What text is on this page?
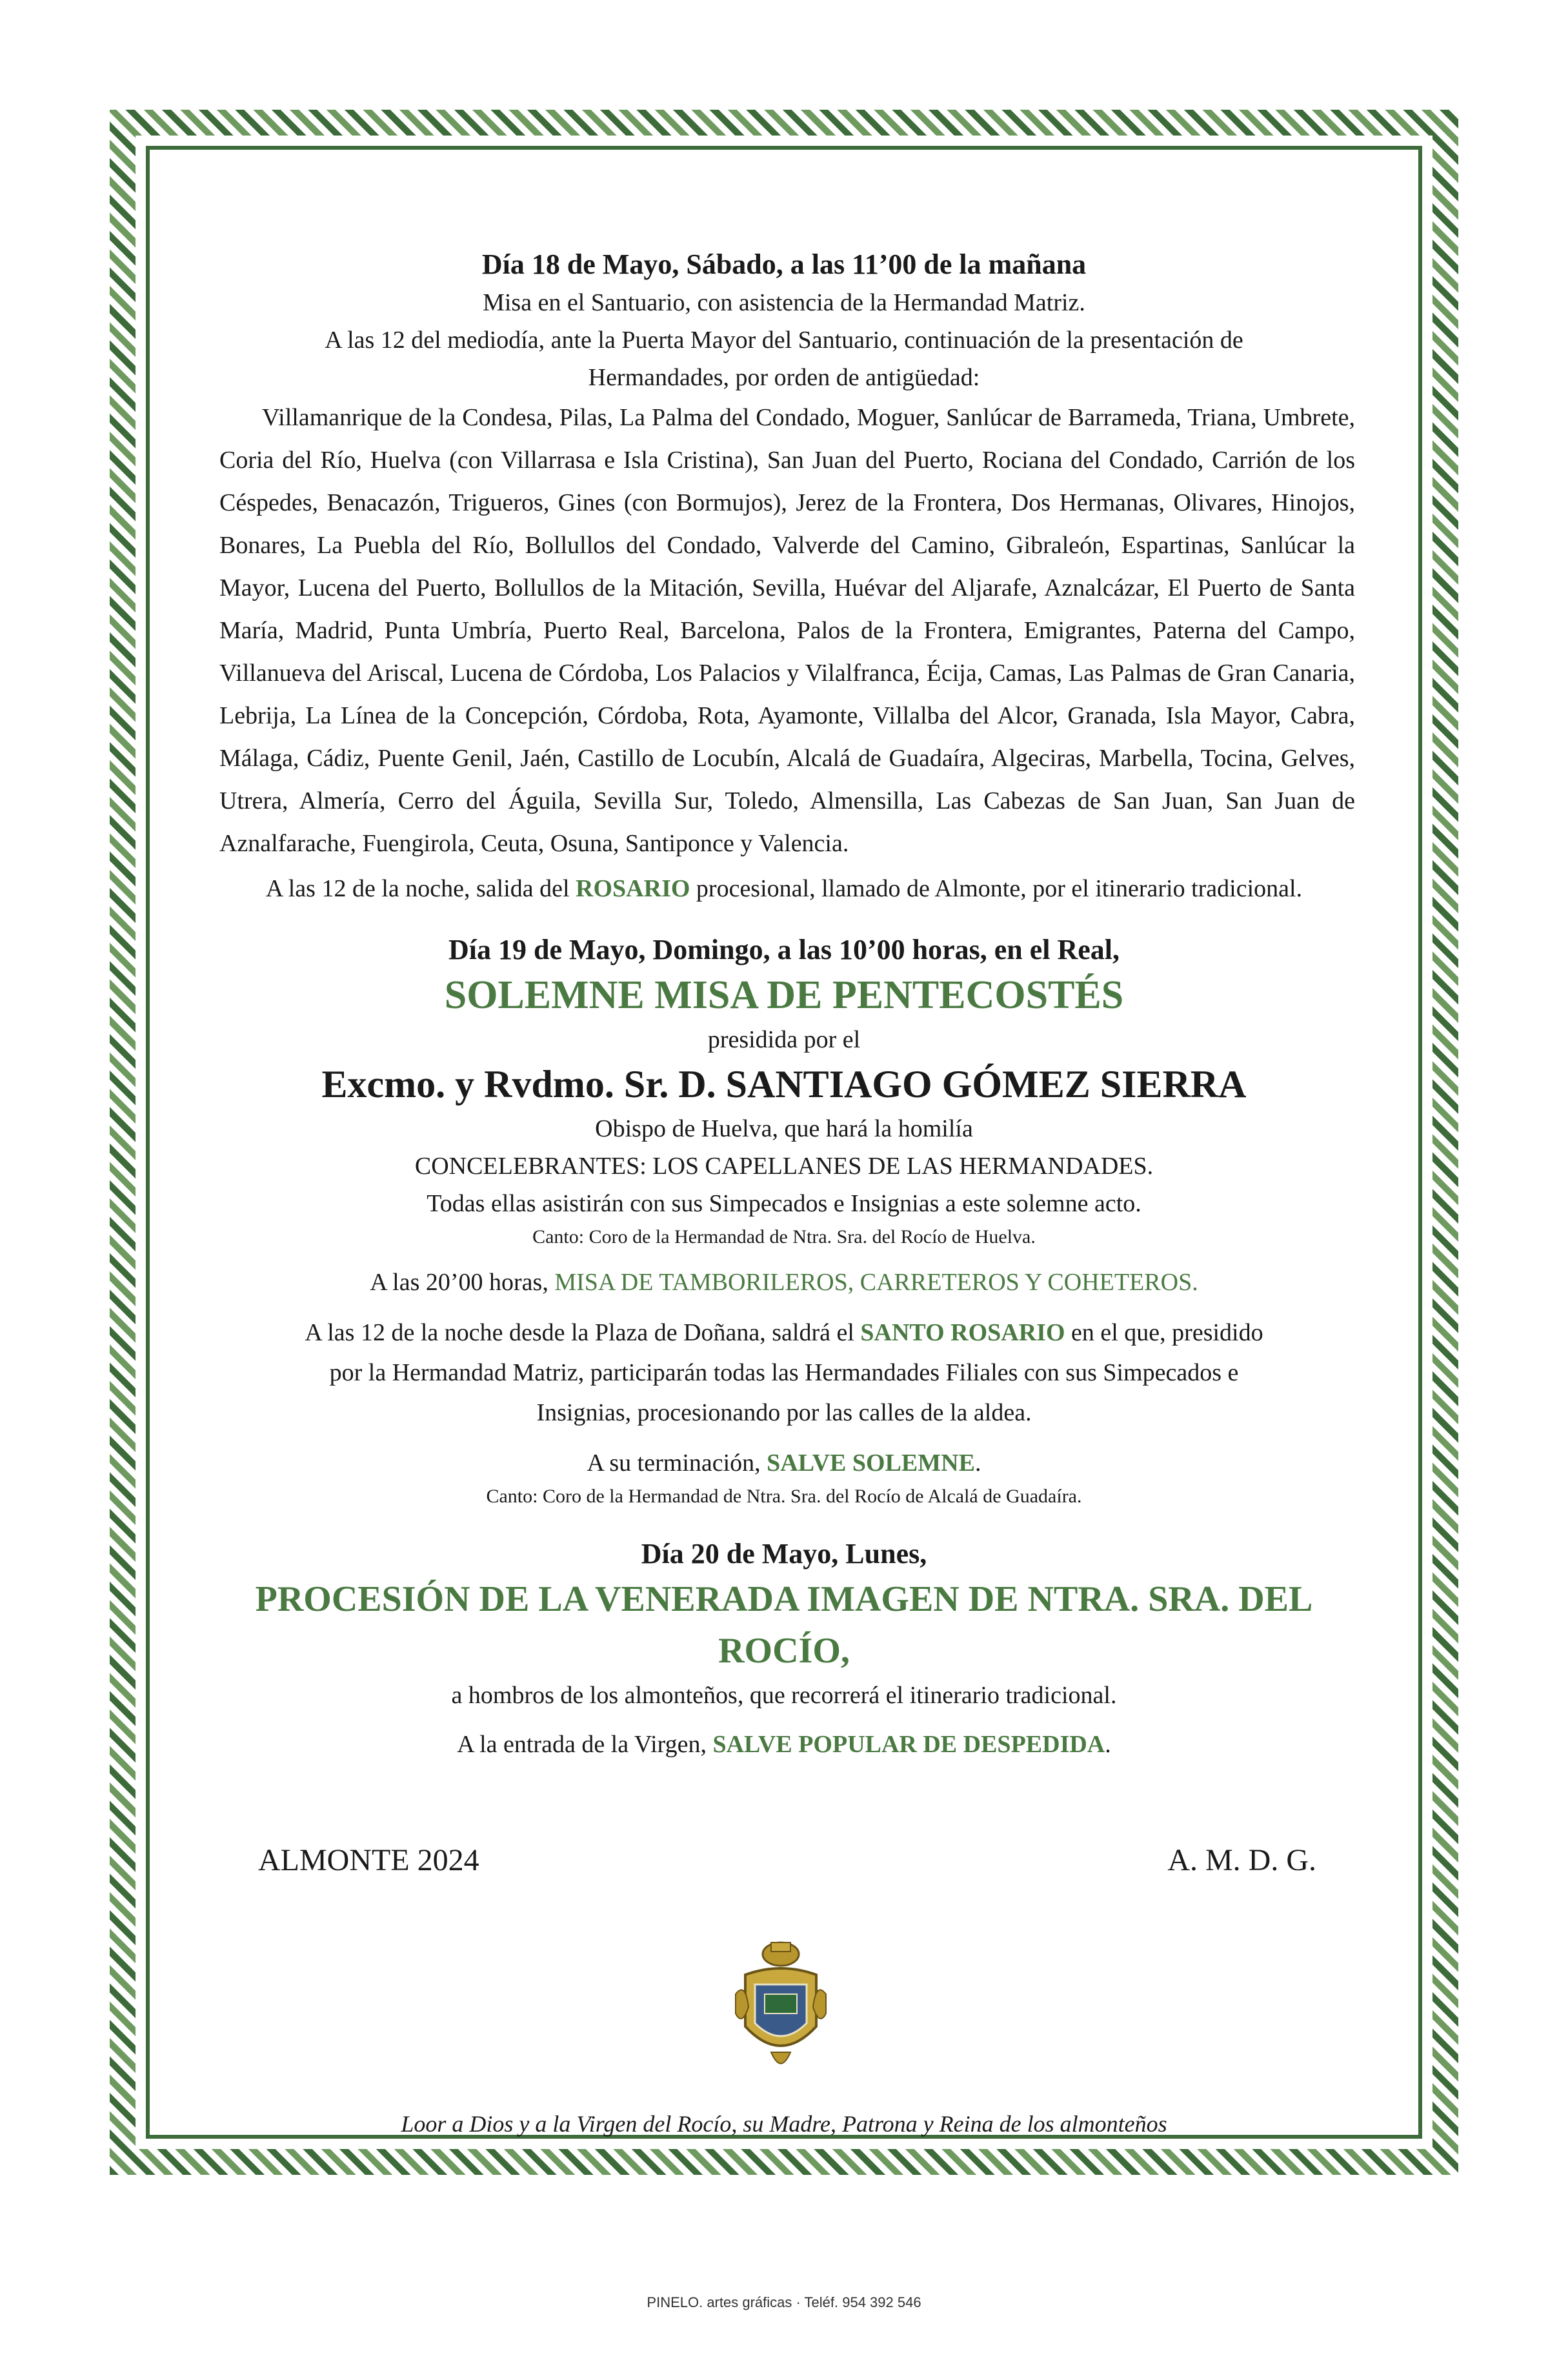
Día 18 de Mayo, Sábado, a las 11’00 de la mañana

Misa en el Santuario, con asistencia de la Hermandad Matriz.

A las 12 del mediodía, ante la Puerta Mayor del Santuario, continuación de la presentación de Hermandades, por orden de antigüedad:

Villamanrique de la Condesa, Pilas, La Palma del Condado, Moguer, Sanlúcar de Barrameda, Triana, Umbrete, Coria del Río, Huelva (con Villarrasa e Isla Cristina), San Juan del Puerto, Rociana del Condado, Carrión de los Céspedes, Benacazón, Trigueros, Gines (con Bormujos), Jerez de la Frontera, Dos Hermanas, Olivares, Hinojos, Bonares, La Puebla del Río, Bollullos del Condado, Valverde del Camino, Gibraleón, Espartinas, Sanlúcar la Mayor, Lucena del Puerto, Bollullos de la Mitación, Sevilla, Huévar del Aljarafe, Aznalcázar, El Puerto de Santa María, Madrid, Punta Umbría, Puerto Real, Barcelona, Palos de la Frontera, Emigrantes, Paterna del Campo, Villanueva del Ariscal, Lucena de Córdoba, Los Palacios y Vilalfranca, Écija, Camas, Las Palmas de Gran Canaria, Lebrija, La Línea de la Concepción, Córdoba, Rota, Ayamonte, Villalba del Alcor, Granada, Isla Mayor, Cabra, Málaga, Cádiz, Puente Genil, Jaén, Castillo de Locubín, Alcalá de Guadaíra, Algeciras, Marbella, Tocina, Gelves, Utrera, Almería, Cerro del Águila, Sevilla Sur, Toledo, Almensilla, Las Cabezas de San Juan, San Juan de Aznalfarache, Fuengirola, Ceuta, Osuna, Santiponce y Valencia.

A las 12 de la noche, salida del ROSARIO procesional, llamado de Almonte, por el itinerario tradicional.

Día 19 de Mayo, Domingo, a las 10’00 horas, en el Real,

SOLEMNE MISA DE PENTECOSTÉS

presidida por el

Excmo. y Rvdmo. Sr. D. SANTIAGO GÓMEZ SIERRA

Obispo de Huelva, que hará la homilía

CONCELEBRANTES: LOS CAPELLANES DE LAS HERMANDADES.

Todas ellas asistirán con sus Simpecados e Insignias a este solemne acto.

Canto: Coro de la Hermandad de Ntra. Sra. del Rocío de Huelva.

A las 20’00 horas, MISA DE TAMBORILEROS, CARRETEROS Y COHETEROS.

A las 12 de la noche desde la Plaza de Doñana, saldrá el SANTO ROSARIO en el que, presidido por la Hermandad Matriz, participarán todas las Hermandades Filiales con sus Simpecados e Insignias, procesionando por las calles de la aldea.

A su terminación, SALVE SOLEMNE.

Canto: Coro de la Hermandad de Ntra. Sra. del Rocío de Alcalá de Guadaíra.

Día 20 de Mayo, Lunes,

PROCESIÓN DE LA VENERADA IMAGEN DE NTRA. SRA. DEL ROCÍO,

a hombros de los almonteños, que recorrerá el itinerario tradicional.

A la entrada de la Virgen, SALVE POPULAR DE DESPEDIDA.

ALMONTE 2024	A. M. D. G.
Loor a Dios y a la Virgen del Rocío, su Madre, Patrona y Reina de los almonteños
PINELO. artes gráficas · Teléf. 954 392 546
